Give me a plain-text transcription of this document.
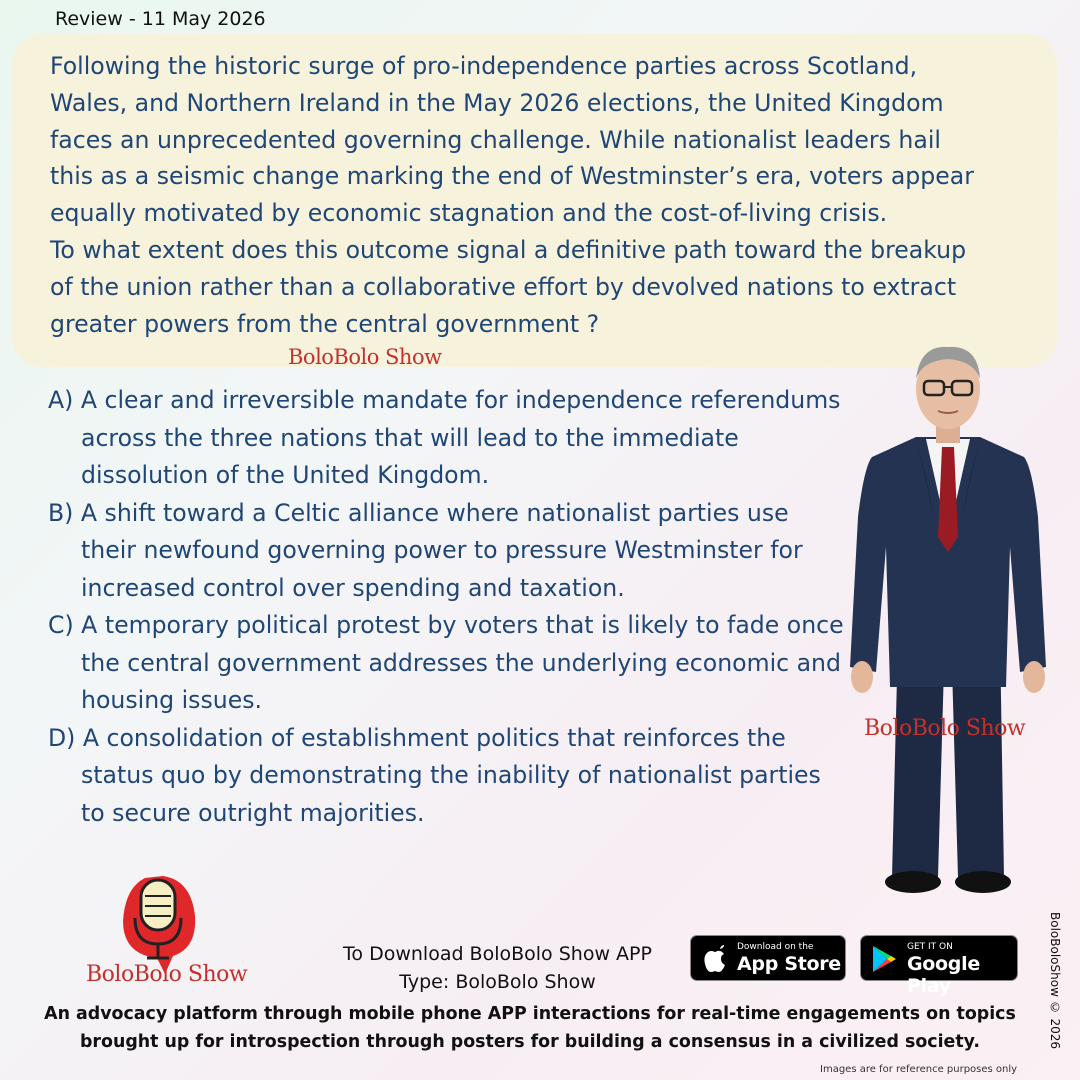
Review - 11 May 2026

Following the historic surge of pro-independence parties across Scotland,
Wales, and Northern Ireland in the May 2026 elections, the United Kingdom
faces an unprecedented governing challenge. While nationalist leaders hail
this as a seismic change marking the end of Westminster’s era, voters appear
equally motivated by economic stagnation and the cost-of-living crisis.
To what extent does this outcome signal a definitive path toward the breakup
of the union rather than a collaborative effort by devolved nations to extract
greater powers from the central government ?

BoloBolo Show

A) A clear and irreversible mandate for independence referendums across the three nations that will lead to the immediate dissolution of the United Kingdom.

B) A shift toward a Celtic alliance where nationalist parties use their newfound governing power to pressure Westminster for increased control over spending and taxation.

C) A temporary political protest by voters that is likely to fade once the central government addresses the underlying economic and housing issues.

D) A consolidation of establishment politics that reinforces the status quo by demonstrating the inability of nationalist parties to secure outright majorities.

BoloBolo Show
BoloBolo Show
To Download BoloBolo Show APP
Type: BoloBolo Show
Download on the
App Store
GET IT ON
Google Play
An advocacy platform through mobile phone APP interactions for real-time engagements on topics brought up for introspection through posters for building a consensus in a civilized society.	BoloBoloShow © 2026
Images are for reference purposes only
